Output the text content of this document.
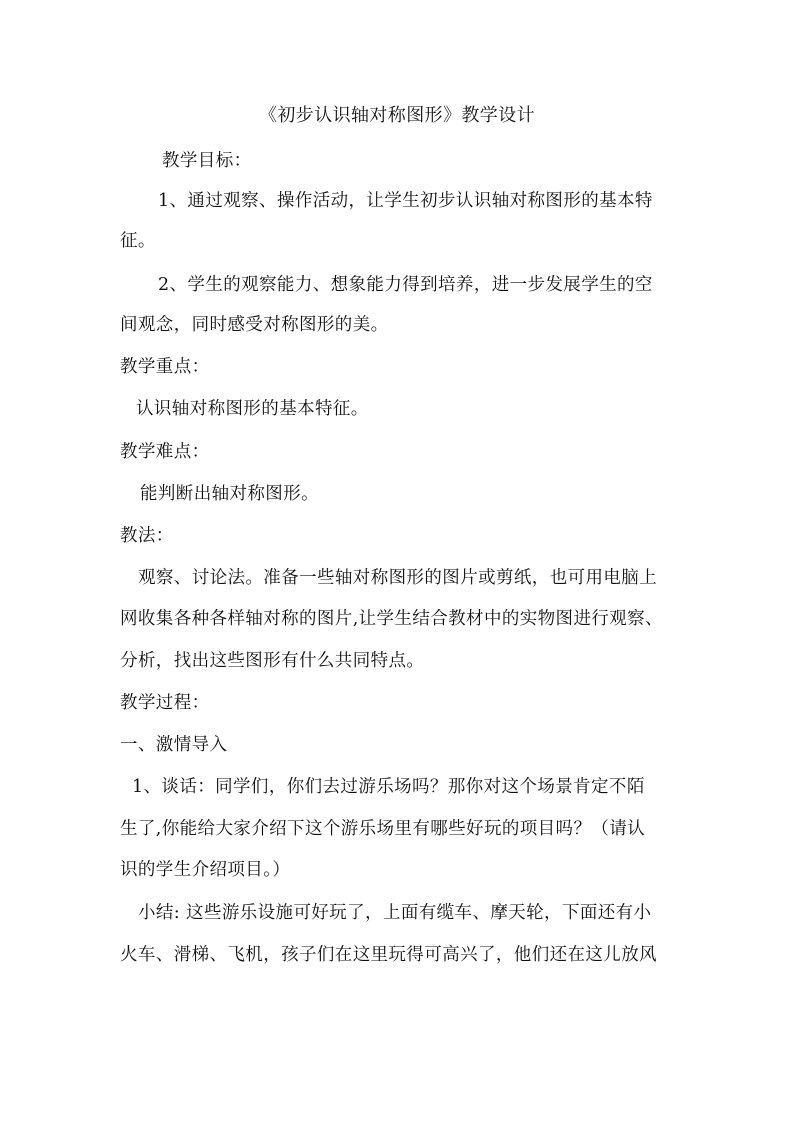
《初步认识轴对称图形》教学设计
教学目标：
1、通过观察、操作活动，让学生初步认识轴对称图形的基本特
征。
2、学生的观察能力、想象能力得到培养，进一步发展学生的空
间观念，同时感受对称图形的美。
教学重点：
认识轴对称图形的基本特征。
教学难点：
能判断出轴对称图形。
教法：
观察、讨论法。准备一些轴对称图形的图片或剪纸，也可用电脑上
网收集各种各样轴对称的图片,让学生结合教材中的实物图进行观察、
分析，找出这些图形有什么共同特点。
教学过程：
一、激情导入
1、谈话：同学们，你们去过游乐场吗？那你对这个场景肯定不陌
生了,你能给大家介绍下这个游乐场里有哪些好玩的项目吗？（请认
识的学生介绍项目。）
小结: 这些游乐设施可好玩了，上面有缆车、摩天轮，下面还有小
火车、滑梯、飞机，孩子们在这里玩得可高兴了，他们还在这儿放风
